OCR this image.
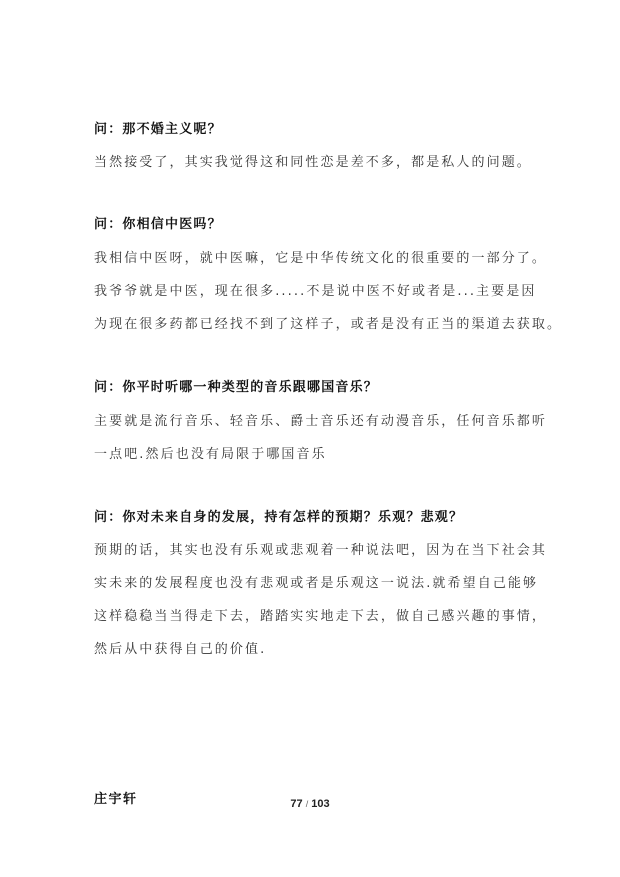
问：那不婚主义呢？
当然接受了，其实我觉得这和同性恋是差不多，都是私人的问题。
问：你相信中医吗？
我相信中医呀，就中医嘛，它是中华传统文化的很重要的一部分了。
我爷爷就是中医，现在很多.....不是说中医不好或者是...主要是因
为现在很多药都已经找不到了这样子，或者是没有正当的渠道去获取。
问：你平时听哪一种类型的音乐跟哪国音乐？
主要就是流行音乐、轻音乐、爵士音乐还有动漫音乐，任何音乐都听
一点吧.然后也没有局限于哪国音乐
问：你对未来自身的发展，持有怎样的预期？乐观？悲观？
预期的话，其实也没有乐观或悲观着一种说法吧，因为在当下社会其
实未来的发展程度也没有悲观或者是乐观这一说法.就希望自己能够
这样稳稳当当得走下去，踏踏实实地走下去，做自己感兴趣的事情，
然后从中获得自己的价值.
庄宇轩	77 / 103
